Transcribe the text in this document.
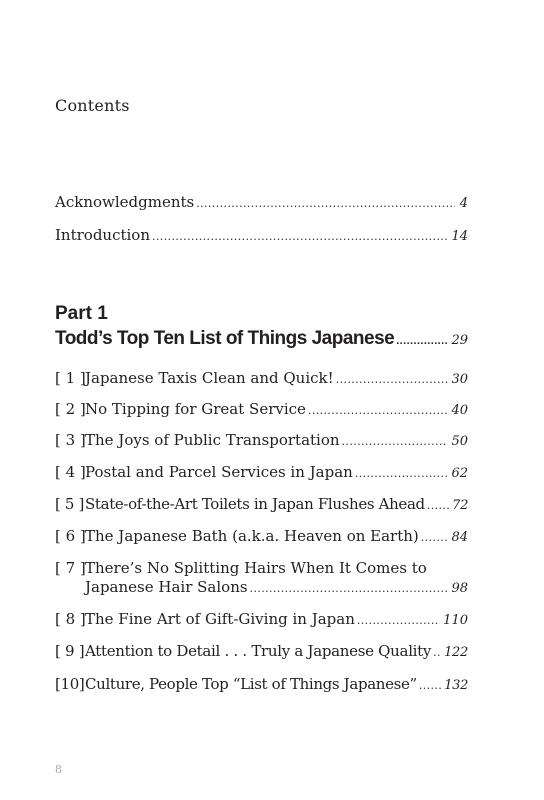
Contents
Acknowledgments .....	4
Introduction .....	14
Part 1
Todd’s Top Ten List of Things Japanese .....	29
[ 1 ]Japanese Taxis Clean and Quick! .....	30
[ 2 ]No Tipping for Great Service .....	40
[ 3 ]The Joys of Public Transportation .....	50
[ 4 ]Postal and Parcel Services in Japan .....	62
[ 5 ]State-of-the-Art Toilets in Japan Flushes Ahead ..... 72
[ 6 ]The Japanese Bath (a.k.a. Heaven on Earth) .....	84
[ 7 ]There’s No Splitting Hairs When It Comes to
Japanese Hair Salons .....	98
[ 8 ]The Fine Art of Gift-Giving in Japan .....	110
[ 9 ]Attention to Detail . . . Truly a Japanese Quality ..... 122
[10]Culture, People Top “List of Things Japanese” ..... 132
8
